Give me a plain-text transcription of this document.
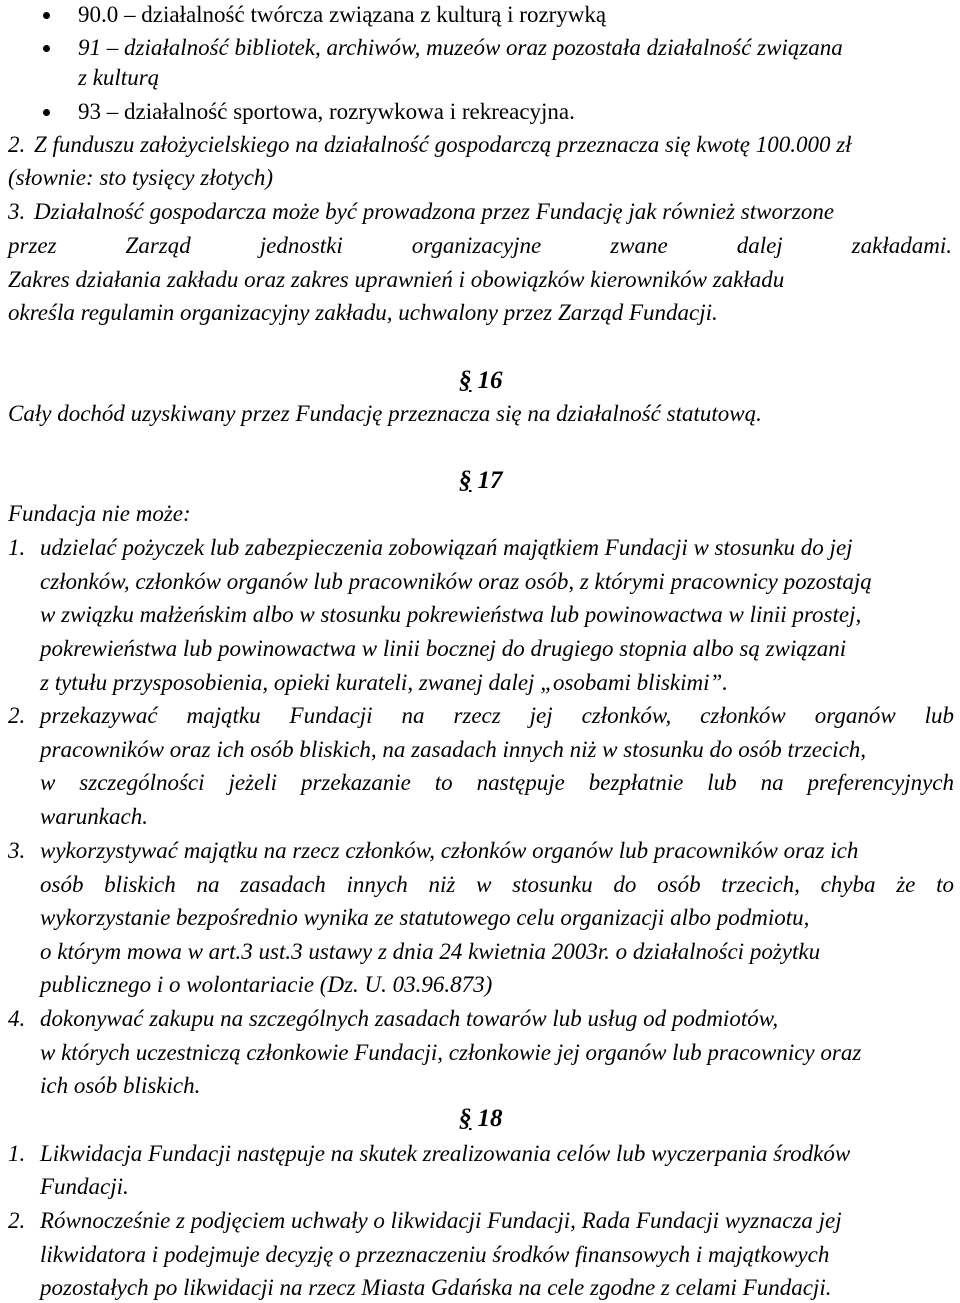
90.0 – działalność twórcza związana z kulturą i rozrywką
91 – działalność bibliotek, archiwów, muzeów oraz pozostała działalność związana
z kulturą
93 – działalność sportowa, rozrywkowa i rekreacyjna.
2. Z funduszu założycielskiego na działalność gospodarczą przeznacza się kwotę 100.000 zł
(słownie: sto tysięcy złotych)
3. Działalność gospodarcza może być prowadzona przez Fundację jak również stworzone
przez Zarząd jednostki organizacyjne zwane dalej zakładami.
Zakres działania zakładu oraz zakres uprawnień i obowiązków kierowników zakładu
określa regulamin organizacyjny zakładu, uchwalony przez Zarząd Fundacji.
§ 16
Cały dochód uzyskiwany przez Fundację przeznacza się na działalność statutową.
§ 17
Fundacja nie może:
1. udzielać pożyczek lub zabezpieczenia zobowiązań majątkiem Fundacji w stosunku do jej
członków, członków organów lub pracowników oraz osób, z którymi pracownicy pozostają
w związku małżeńskim albo w stosunku pokrewieństwa lub powinowactwa w linii prostej,
pokrewieństwa lub powinowactwa w linii bocznej do drugiego stopnia albo są związani
z tytułu przysposobienia, opieki kurateli, zwanej dalej „osobami bliskimi”.
2. przekazywać majątku Fundacji na rzecz jej członków, członków organów lub
pracowników oraz ich osób bliskich, na zasadach innych niż w stosunku do osób trzecich,
w szczególności jeżeli przekazanie to następuje bezpłatnie lub na preferencyjnych
warunkach.
3. wykorzystywać majątku na rzecz członków, członków organów lub pracowników oraz ich
osób bliskich na zasadach innych niż w stosunku do osób trzecich, chyba że to
wykorzystanie bezpośrednio wynika ze statutowego celu organizacji albo podmiotu,
o którym mowa w art.3 ust.3 ustawy z dnia 24 kwietnia 2003r. o działalności pożytku
publicznego i o wolontariacie (Dz. U. 03.96.873)
4. dokonywać zakupu na szczególnych zasadach towarów lub usług od podmiotów,
w których uczestniczą członkowie Fundacji, członkowie jej organów lub pracownicy oraz
ich osób bliskich.
§ 18
1. Likwidacja Fundacji następuje na skutek zrealizowania celów lub wyczerpania środków
Fundacji.
2. Równocześnie z podjęciem uchwały o likwidacji Fundacji, Rada Fundacji wyznacza jej
likwidatora i podejmuje decyzję o przeznaczeniu środków finansowych i majątkowych
pozostałych po likwidacji na rzecz Miasta Gdańska na cele zgodne z celami Fundacji.
